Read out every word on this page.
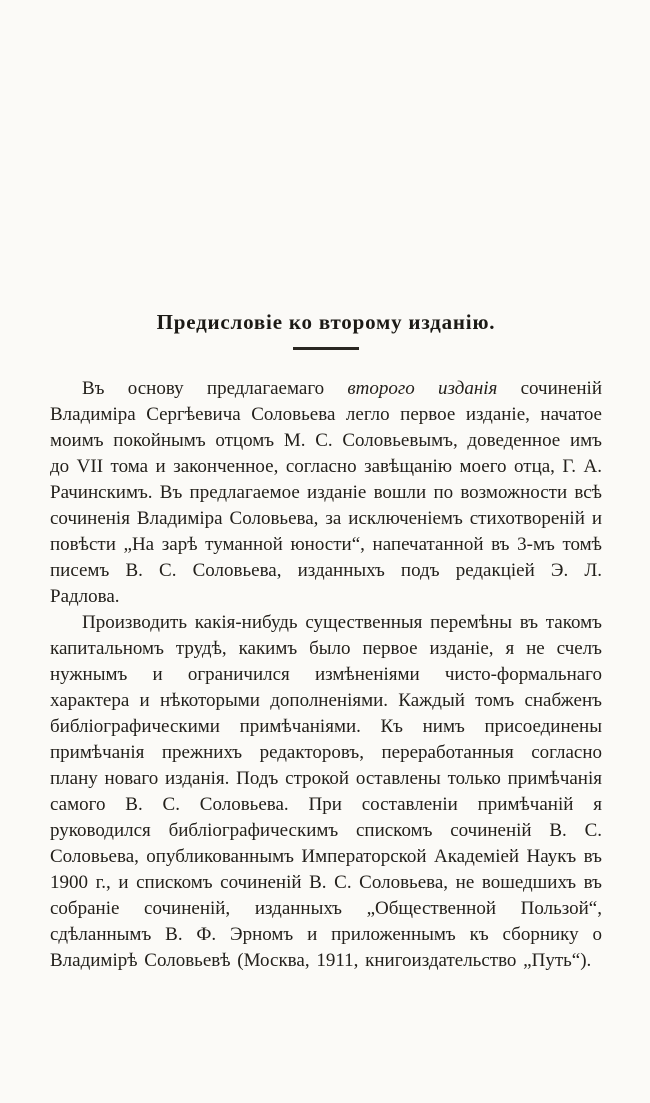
Предисловіе ко второму изданію.

Въ основу предлагаемаго второго изданія сочиненій Владиміра Сергѣевича Соловьева легло первое изданіе, начатое моимъ покойнымъ отцомъ М. С. Соловьевымъ, доведенное имъ до VII тома и законченное, согласно завѣщанію моего отца, Г. А. Рачинскимъ. Въ предлагаемое изданіе вошли по возможности всѣ сочиненія Владиміра Соловьева, за исключеніемъ стихотвореній и повѣсти „На зарѣ туманной юности“, напечатанной въ 3-мъ томѣ писемъ В. С. Соловьева, изданныхъ подъ редакціей Э. Л. Радлова.

Производить какія-нибудь существенныя перемѣны въ такомъ капитальномъ трудѣ, какимъ было первое изданіе, я не счелъ нужнымъ и ограничился измѣненіями чисто-формальнаго характера и нѣкоторыми дополненіями. Каждый томъ снабженъ библіографическими примѣчаніями. Къ нимъ присоединены примѣчанія прежнихъ редакторовъ, переработанныя согласно плану новаго изданія. Подъ строкой оставлены только примѣчанія самого В. С. Соловьева. При составленіи примѣчаній я руководился библіографическимъ спискомъ сочиненій В. С. Соловьева, опубликованнымъ Императорской Академіей Наукъ въ 1900 г., и спискомъ сочиненій В. С. Соловьева, не вошедшихъ въ собраніе сочиненій, изданныхъ „Общественной Пользой“, сдѣланнымъ В. Ф. Эрномъ и приложеннымъ къ сборнику о Владимірѣ Соловьевѣ (Москва, 1911, книгоиздательство „Путь“).
